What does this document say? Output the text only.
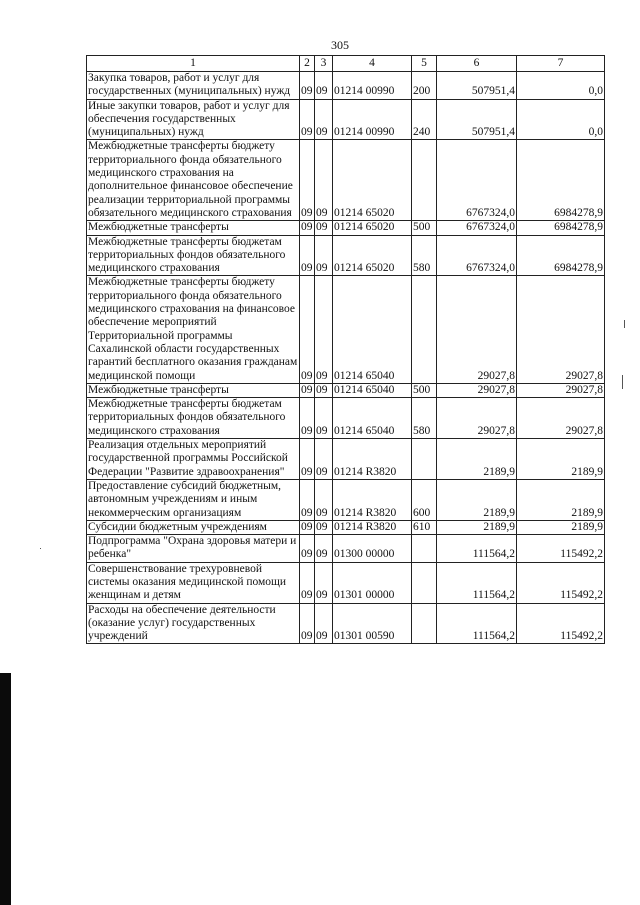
305
1	2	3	4	5	6	7
Закупка товаров, работ и услуг для государственных (муниципальных) нужд	09	09	01214 00990	200	507951,4	0,0
Иные закупки товаров, работ и услуг для обеспечения государственных (муниципальных) нужд	09	09	01214 00990	240	507951,4	0,0
Межбюджетные трансферты бюджету территориального фонда обязательного медицинского страхования на дополнительное финансовое обеспечение реализации территориальной программы обязательного медицинского страхования	09	09	01214 65020		6767324,0	6984278,9
Межбюджетные трансферты	09	09	01214 65020	500	6767324,0	6984278,9
Межбюджетные трансферты бюджетам территориальных фондов обязательного медицинского страхования	09	09	01214 65020	580	6767324,0	6984278,9
Межбюджетные трансферты бюджету территориального фонда обязательного медицинского страхования на финансовое обеспечение мероприятий Территориальной программы Сахалинской области государственных гарантий бесплатного оказания гражданам медицинской помощи	09	09	01214 65040		29027,8	29027,8
Межбюджетные трансферты	09	09	01214 65040	500	29027,8	29027,8
Межбюджетные трансферты бюджетам территориальных фондов обязательного медицинского страхования	09	09	01214 65040	580	29027,8	29027,8
Реализация отдельных мероприятий государственной программы Российской Федерации "Развитие здравоохранения"	09	09	01214 R3820		2189,9	2189,9
Предоставление субсидий бюджетным, автономным учреждениям и иным некоммерческим организациям	09	09	01214 R3820	600	2189,9	2189,9
Субсидии бюджетным учреждениям	09	09	01214 R3820	610	2189,9	2189,9
Подпрограмма "Охрана здоровья матери и ребенка"	09	09	01300 00000		111564,2	115492,2
Совершенствование трехуровневой системы оказания медицинской помощи женщинам и детям	09	09	01301 00000		111564,2	115492,2
Расходы на обеспечение деятельности (оказание услуг) государственных учреждений	09	09	01301 00590		111564,2	115492,2
